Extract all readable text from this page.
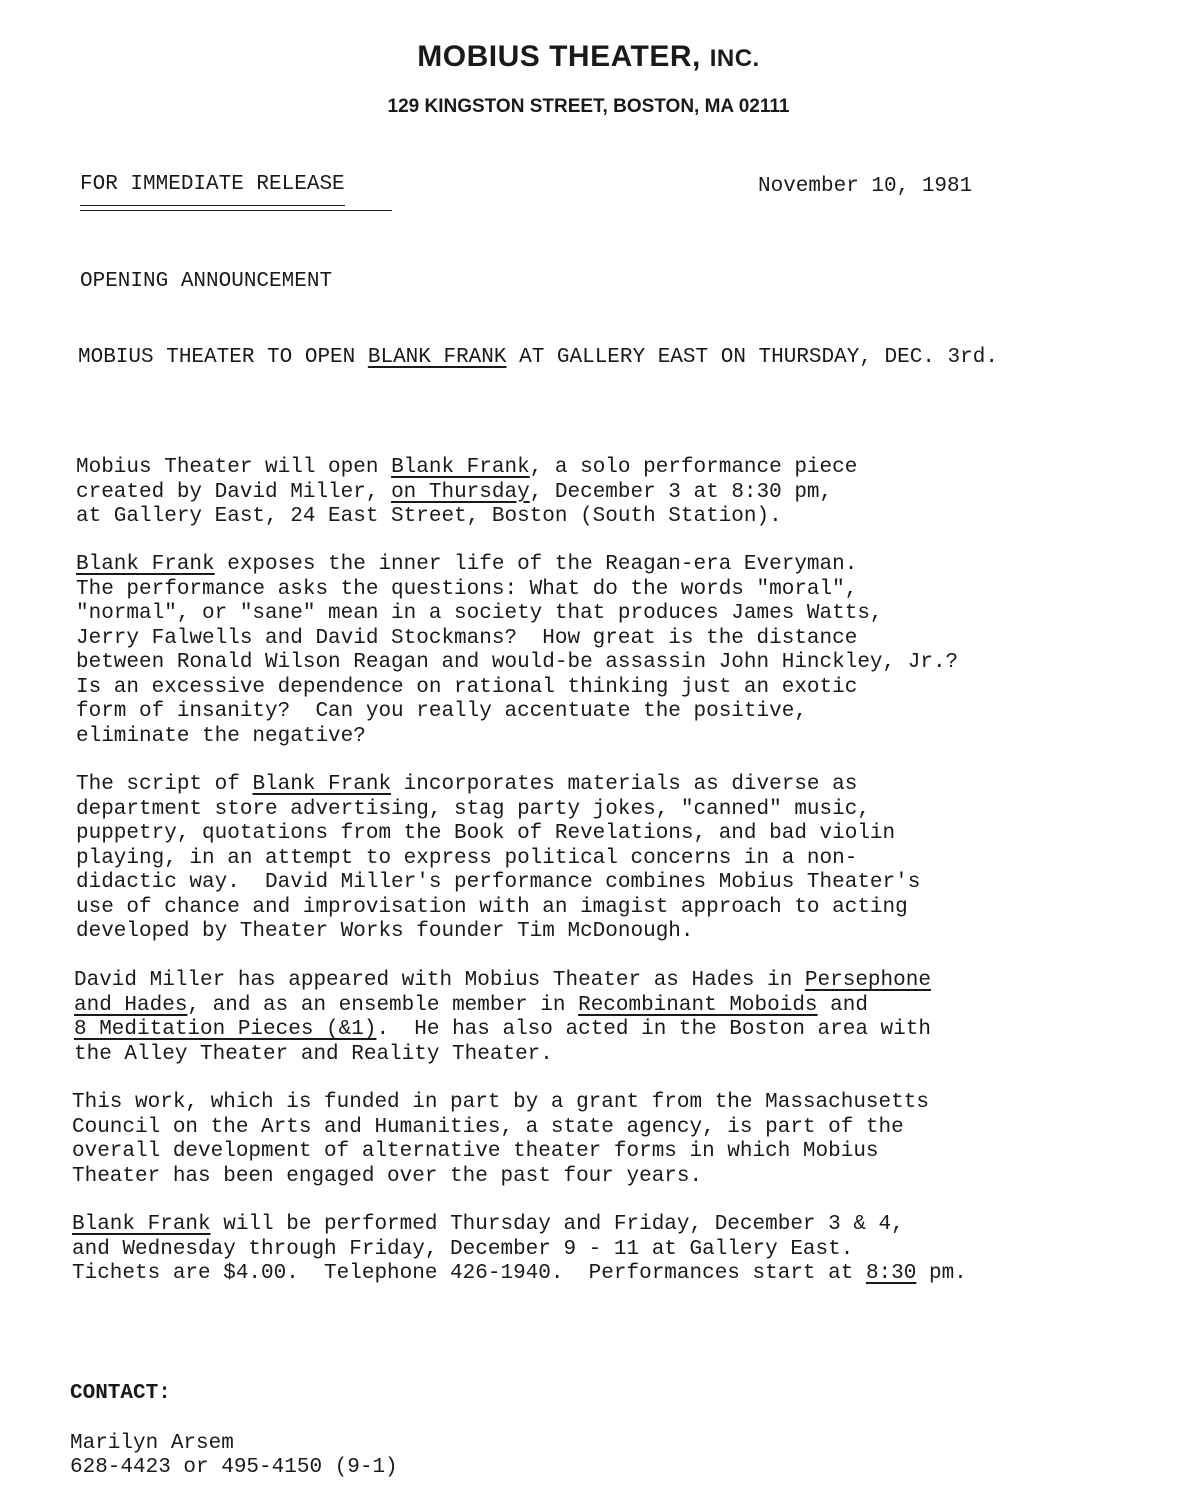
MOBIUS THEATER, INC.
129 KINGSTON STREET, BOSTON, MA 02111
FOR IMMEDIATE RELEASE	November 10, 1981
OPENING ANNOUNCEMENT
MOBIUS THEATER TO OPEN BLANK FRANK AT GALLERY EAST ON THURSDAY, DEC. 3rd.
Mobius Theater will open Blank Frank, a solo performance piece
created by David Miller, on Thursday, December 3 at 8:30 pm,
at Gallery East, 24 East Street, Boston (South Station).
Blank Frank exposes the inner life of the Reagan-era Everyman.
The performance asks the questions: What do the words "moral",
"normal", or "sane" mean in a society that produces James Watts,
Jerry Falwells and David Stockmans?  How great is the distance
between Ronald Wilson Reagan and would-be assassin John Hinckley, Jr.?
Is an excessive dependence on rational thinking just an exotic
form of insanity?  Can you really accentuate the positive,
eliminate the negative?
The script of Blank Frank incorporates materials as diverse as
department store advertising, stag party jokes, "canned" music,
puppetry, quotations from the Book of Revelations, and bad violin
playing, in an attempt to express political concerns in a non-
didactic way.  David Miller's performance combines Mobius Theater's
use of chance and improvisation with an imagist approach to acting
developed by Theater Works founder Tim McDonough.
David Miller has appeared with Mobius Theater as Hades in Persephone
and Hades, and as an ensemble member in Recombinant Moboids and
8 Meditation Pieces (&1).  He has also acted in the Boston area with
the Alley Theater and Reality Theater.
This work, which is funded in part by a grant from the Massachusetts
Council on the Arts and Humanities, a state agency, is part of the
overall development of alternative theater forms in which Mobius
Theater has been engaged over the past four years.
Blank Frank will be performed Thursday and Friday, December 3 & 4,
and Wednesday through Friday, December 9 - 11 at Gallery East.
Tichets are $4.00.  Telephone 426-1940.  Performances start at 8:30 pm.
CONTACT:
Marilyn Arsem
628-4423 or 495-4150 (9-1)
